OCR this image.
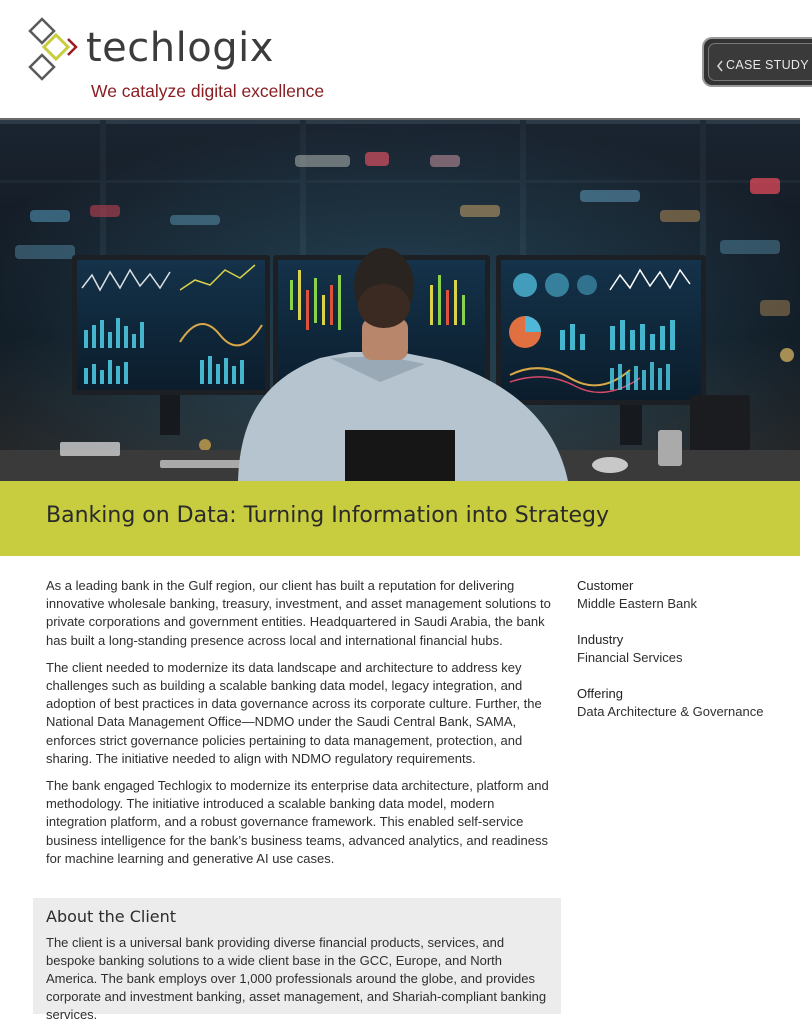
techlogix
We catalyze digital excellence
CASE STUDY
Banking on Data: Turning Information into Strategy

As a leading bank in the Gulf region, our client has built a reputation for delivering innovative wholesale banking, treasury, investment, and asset management solutions to private corporations and government entities. Headquartered in Saudi Arabia, the bank has built a long-standing presence across local and international financial hubs.

The client needed to modernize its data landscape and architecture to address key challenges such as building a scalable banking data model, legacy integration, and adoption of best practices in data governance across its corporate culture. Further, the National Data Management Office—NDMO under the Saudi Central Bank, SAMA, enforces strict governance policies pertaining to data management, protection, and sharing. The initiative needed to align with NDMO regulatory requirements.

The bank engaged Techlogix to modernize its enterprise data architecture, platform and methodology. The initiative introduced a scalable banking data model, modern integration platform, and a robust governance framework. This enabled self-service business intelligence for the bank’s business teams, advanced analytics, and readiness for machine learning and generative AI use cases.

Customer
Middle Eastern Bank
Industry
Financial Services
Offering
Data Architecture & Governance
About the Client

The client is a universal bank providing diverse financial products, services, and bespoke banking solutions to a wide client base in the GCC, Europe, and North America. The bank employs over 1,000 professionals around the globe, and provides corporate and investment banking, asset management, and Shariah-compliant banking services.
